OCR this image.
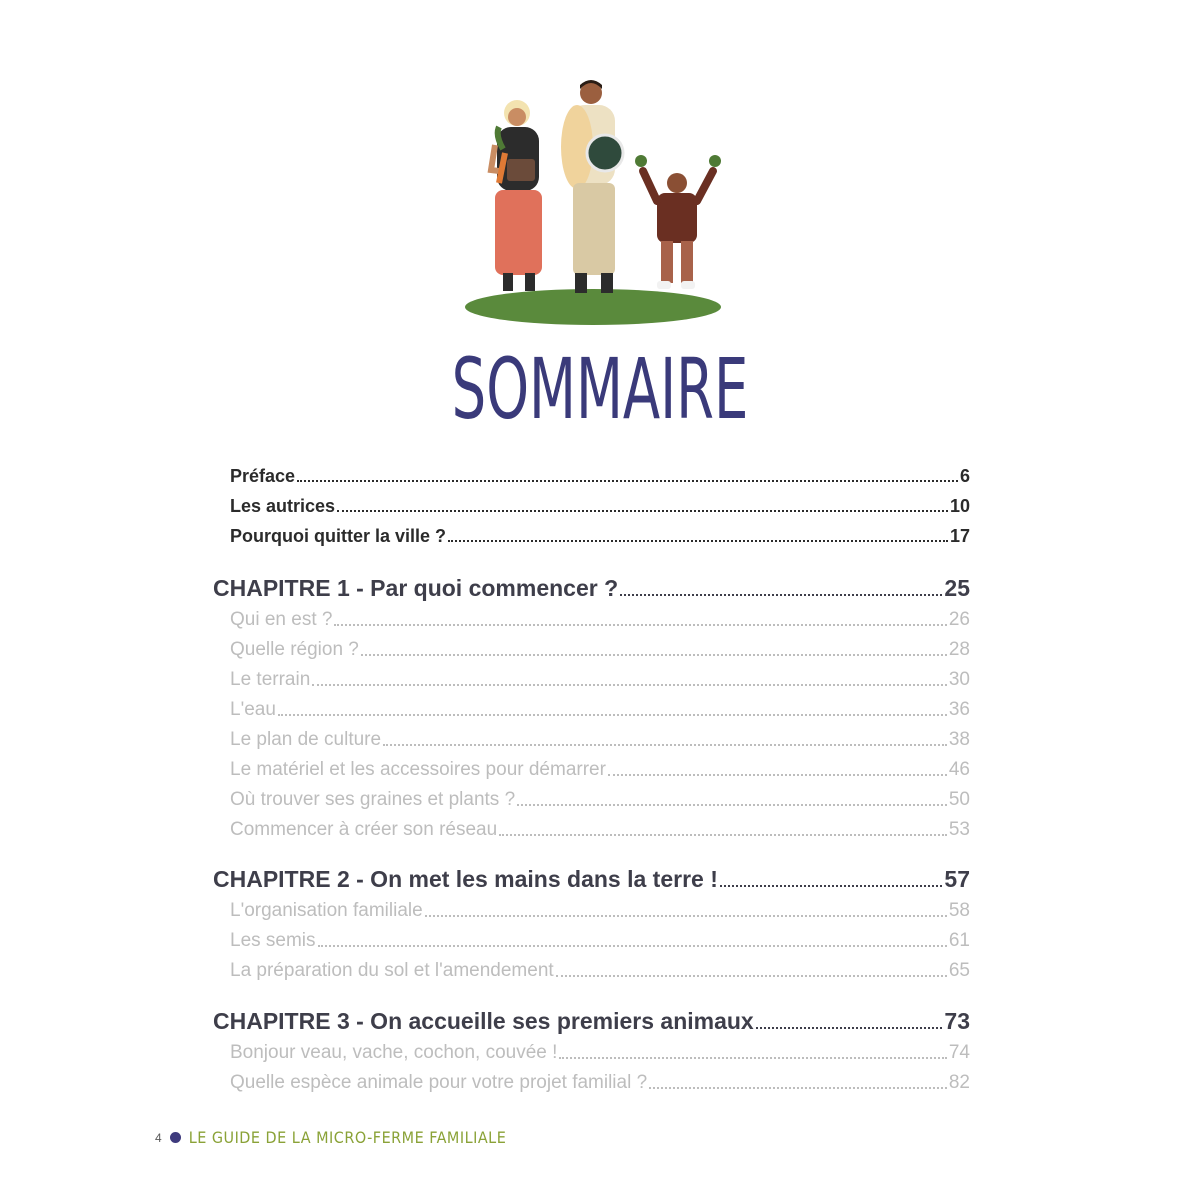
SOMMAIRE
Préface	6
Les autrices	10
Pourquoi quitter la ville ?	17
CHAPITRE 1 - Par quoi commencer ?	25
Qui en est ?	26
Quelle région ?	28
Le terrain	30
L'eau	36
Le plan de culture	38
Le matériel et les accessoires pour démarrer	46
Où trouver ses graines et plants ?	50
Commencer à créer son réseau	53
CHAPITRE 2 - On met les mains dans la terre !	57
L'organisation familiale	58
Les semis	61
La préparation du sol et l'amendement	65
CHAPITRE 3 - On accueille ses premiers animaux	73
Bonjour veau, vache, cochon, couvée !	74
Quelle espèce animale pour votre projet familial ?	82
4 LE GUIDE DE LA MICRO-FERME FAMILIALE
